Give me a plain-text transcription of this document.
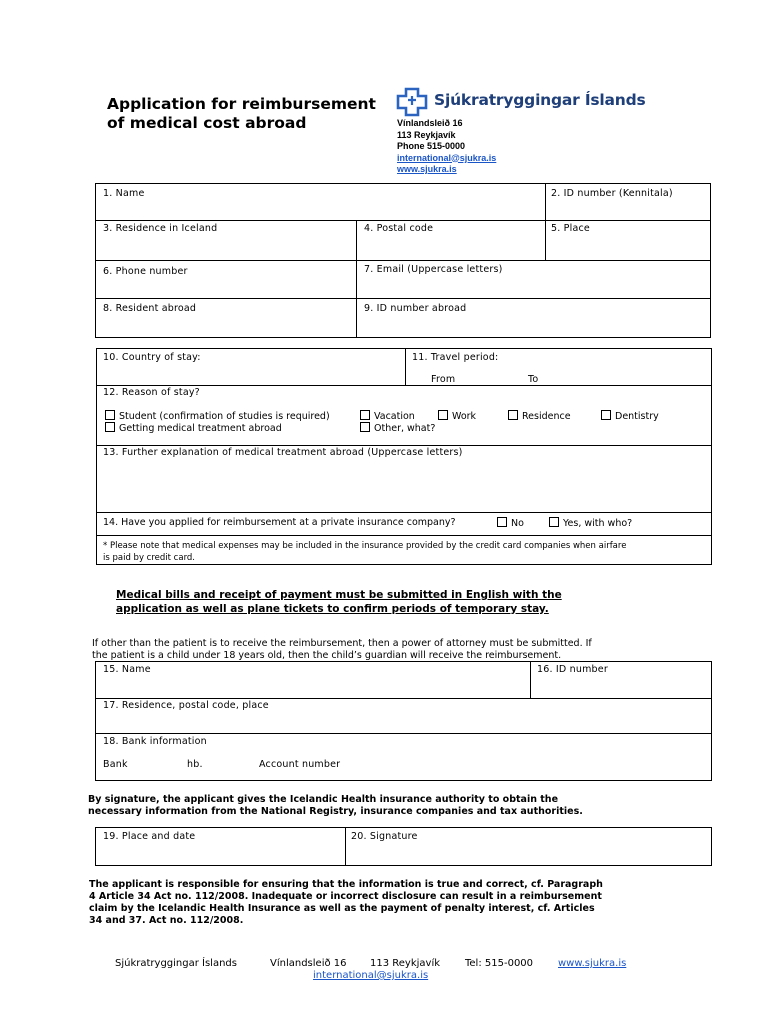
Application for reimbursement
of medical cost abroad
Sjúkratryggingar Íslands
Vínlandsleið 16
113 Reykjavík
Phone 515-0000
international@sjukra.is
www.sjukra.is
1. Name	2. ID number (Kennitala)
3. Residence in Iceland	4. Postal code	5. Place
6. Phone number	7. Email (Uppercase letters)
8. Resident abroad	9. ID number abroad
10. Country of stay:	11. Travel period:
From	To
12. Reason of stay?
Student (confirmation of studies is required)	Vacation	Work	Residence	Dentistry
Getting medical treatment abroad	Other, what?
13. Further explanation of medical treatment abroad (Uppercase letters)
14. Have you applied for reimbursement at a private insurance company?	No	Yes, with who?
* Please note that medical expenses may be included in the insurance provided by the credit card companies when airfare
is paid by credit card.
Medical bills and receipt of payment must be submitted in English with the
application as well as plane tickets to confirm periods of temporary stay.
If other than the patient is to receive the reimbursement, then a power of attorney must be submitted. If
the patient is a child under 18 years old, then the child’s guardian will receive the reimbursement.
15. Name	16. ID number
17. Residence, postal code, place
18. Bank information
Bank	hb.	Account number
By signature, the applicant gives the Icelandic Health insurance authority to obtain the
necessary information from the National Registry, insurance companies and tax authorities.
19. Place and date	20. Signature
The applicant is responsible for ensuring that the information is true and correct, cf. Paragraph
4 Article 34 Act no. 112/2008. Inadequate or incorrect disclosure can result in a reimbursement
claim by the Icelandic Health Insurance as well as the payment of penalty interest, cf. Articles
34 and 37. Act no. 112/2008.
Sjúkratryggingar Íslands	Vínlandsleið 16 113 Reykjavík Tel: 515-0000 www.sjukra.is
international@sjukra.is
